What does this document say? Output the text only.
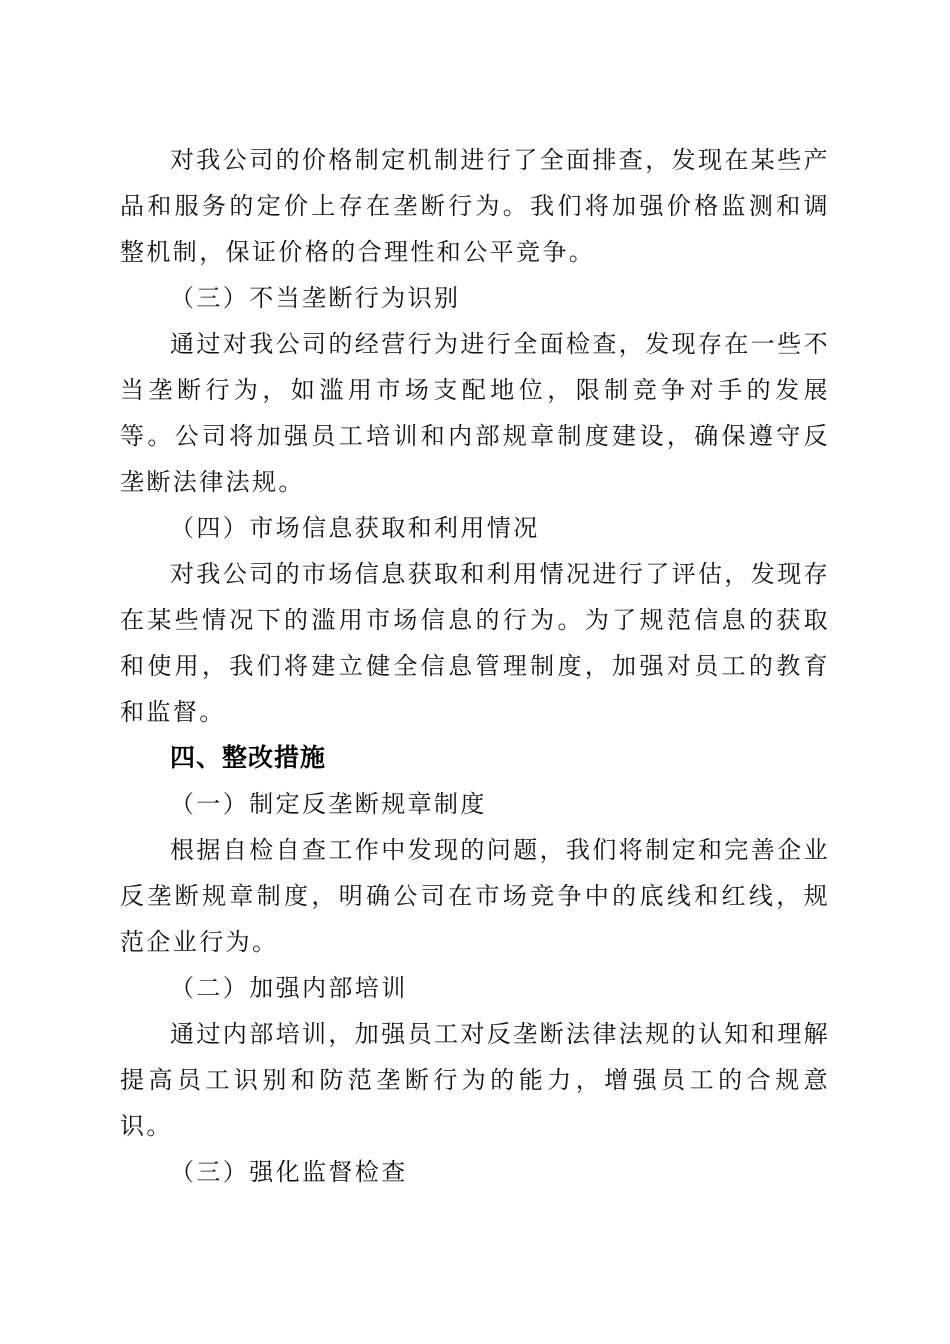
对我公司的价格制定机制进行了全面排查，发现在某些产品和服务的定价上存在垄断行为。我们将加强价格监测和调整机制，保证价格的合理性和公平竞争。

（三）不当垄断行为识别

通过对我公司的经营行为进行全面检查，发现存在一些不当垄断行为，如滥用市场支配地位，限制竞争对手的发展等。公司将加强员工培训和内部规章制度建设，确保遵守反垄断法律法规。

（四）市场信息获取和利用情况

对我公司的市场信息获取和利用情况进行了评估，发现存在某些情况下的滥用市场信息的行为。为了规范信息的获取和使用，我们将建立健全信息管理制度，加强对员工的教育和监督。

四、整改措施

（一）制定反垄断规章制度

根据自检自查工作中发现的问题，我们将制定和完善企业反垄断规章制度，明确公司在市场竞争中的底线和红线，规范企业行为。

（二）加强内部培训

通过内部培训，加强员工对反垄断法律法规的认知和理解提高员工识别和防范垄断行为的能力，增强员工的合规意识。

（三）强化监督检查
